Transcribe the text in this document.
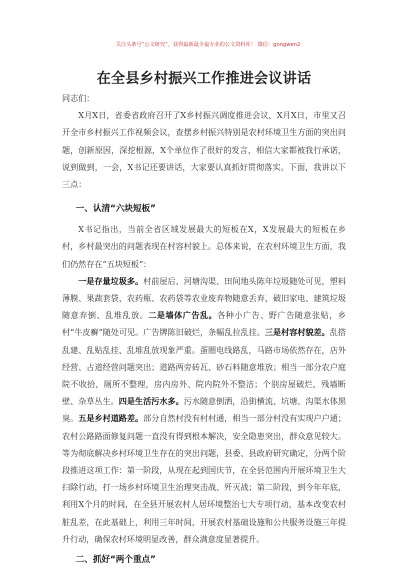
关注头条号“公文研究”，获得最新最全最专业的公文资料库！ 微信：gongwen2
在全县乡村振兴工作推进会议讲话

同志们：

X月X日，省委省政府召开了X乡村振兴调度推进会议，X月X日，市里又召开全市乡村振兴工作视频会议，查摆乡村振兴特别是农村环境卫生方面的突出问题，创新原因，深挖根源，X个单位作了很好的发言，相信大家都被我行承诺，说到做到，一会，X书记还要讲话，大家要认真抓好贯彻落实。下面，我讲以下三点：

一、认清“六块短板”

X书记指出，当前全省区域发展最大的短板在X，X发展最大的短板在乡村，乡村最突出的问题表现在村容村貌上。总体来说，在农村环境卫生方面，我们仍然存在“五块短板”：

一是存量垃圾多。村前屋后、河塘沟渠、田间地头陈年垃圾随处可见，塑料薄膜、果蔬套袋、农药瓶、农药袋等农业废弃物随意丢弃，破旧家电、建筑垃圾随意弃倒、乱堆乱放。二是墙体广告乱。各种小广告、野广告随意张贴，乡村“牛皮癣”随处可见。广告牌陈旧破烂，条幅乱拉乱挂。三是村容村貌差。乱搭乱建、乱贴乱挂、乱堆乱放现象严重。蛋圈电线路乱，马路市场依然存在，店外经营、占道经营问题突出；道路两旁砖瓦、砂石料随意堆放；相当一部分农户庭院不收拾，厕所不整理，房内房外、院内院外不整洁；个别房屋破烂，残墙断壁、杂草丛生。四是生活污水多。污水随意倒洒，沿街横流、坑塘、沟渠水体黑臭。五是乡村道路差。部分自然村没有村村通，相当一部分村没有实现户户通；农村公路路面修复问题一直没有得到根本解决，安全隐患突出，群众意见较大。等为彻底解决乡村环境卫生存在的突出问题，县委、县政府研究确定，分两个阶段推进这项工作：第一阶段，从现在起到国庆节，在全县范围内开展环境卫生大扫除行动，打一场乡村环境卫生治理突击战、歼灭战；第二阶段，到今年年底，利用X个月的时间，在全县开展农村人居环境整治七大专项行动，基本改变农村脏乱差，在此基础上，利用三年时间，开展农村基础设施和公共服务设施三年提升行动，确保农村环境明显改善，群众满意度显著提升。

二、抓好“两个重点”
